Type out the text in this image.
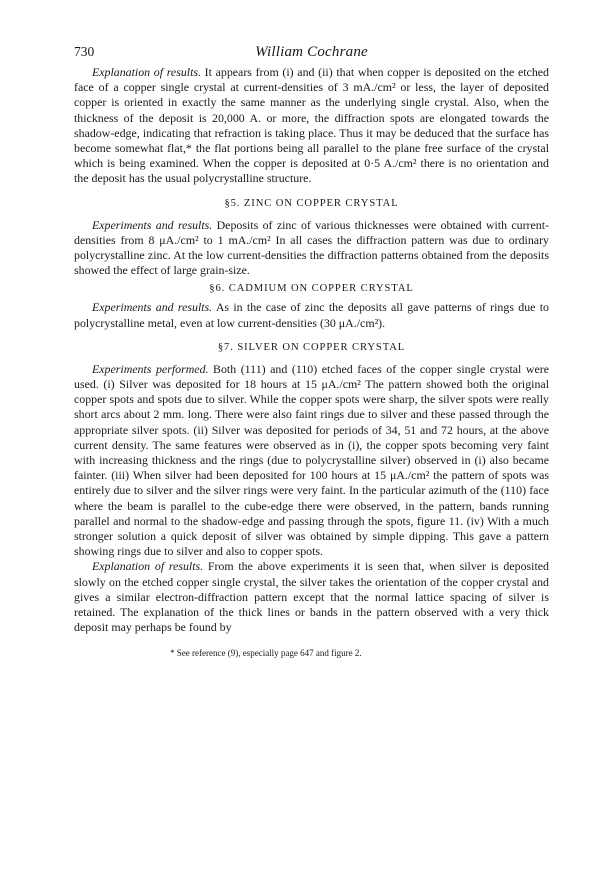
730	William Cochrane

Explanation of results. It appears from (i) and (ii) that when copper is deposited on the etched face of a copper single crystal at current-densities of 3 mA./cm² or less, the layer of deposited copper is oriented in exactly the same manner as the underlying single crystal. Also, when the thickness of the deposit is 20,000 A. or more, the diffraction spots are elongated towards the shadow-edge, indicating that refraction is taking place. Thus it may be deduced that the surface has become somewhat flat,* the flat portions being all parallel to the plane free surface of the crystal which is being examined. When the copper is deposited at 0·5 A./cm² there is no orientation and the deposit has the usual polycrystalline structure.

§5. ZINC ON COPPER CRYSTAL

Experiments and results. Deposits of zinc of various thicknesses were obtained with current-densities from 8 μA./cm² to 1 mA./cm² In all cases the diffraction pattern was due to ordinary polycrystalline zinc. At the low current-densities the diffraction patterns obtained from the deposits showed the effect of large grain-size.

§6. CADMIUM ON COPPER CRYSTAL

Experiments and results. As in the case of zinc the deposits all gave patterns of rings due to polycrystalline metal, even at low current-densities (30 μA./cm²).

§7. SILVER ON COPPER CRYSTAL

Experiments performed. Both (111) and (110) etched faces of the copper single crystal were used. (i) Silver was deposited for 18 hours at 15 μA./cm² The pattern showed both the original copper spots and spots due to silver. While the copper spots were sharp, the silver spots were really short arcs about 2 mm. long. There were also faint rings due to silver and these passed through the appropriate silver spots. (ii) Silver was deposited for periods of 34, 51 and 72 hours, at the above current density. The same features were observed as in (i), the copper spots becoming very faint with increasing thickness and the rings (due to polycrystalline silver) observed in (i) also became fainter. (iii) When silver had been deposited for 100 hours at 15 μA./cm² the pattern of spots was entirely due to silver and the silver rings were very faint. In the particular azimuth of the (110) face where the beam is parallel to the cube-edge there were observed, in the pattern, bands running parallel and normal to the shadow-edge and passing through the spots, figure 11. (iv) With a much stronger solution a quick deposit of silver was obtained by simple dipping. This gave a pattern showing rings due to silver and also to copper spots.

Explanation of results. From the above experiments it is seen that, when silver is deposited slowly on the etched copper single crystal, the silver takes the orientation of the copper crystal and gives a similar electron-diffraction pattern except that the normal lattice spacing of silver is retained. The explanation of the thick lines or bands in the pattern observed with a very thick deposit may perhaps be found by

* See reference (9), especially page 647 and figure 2.
